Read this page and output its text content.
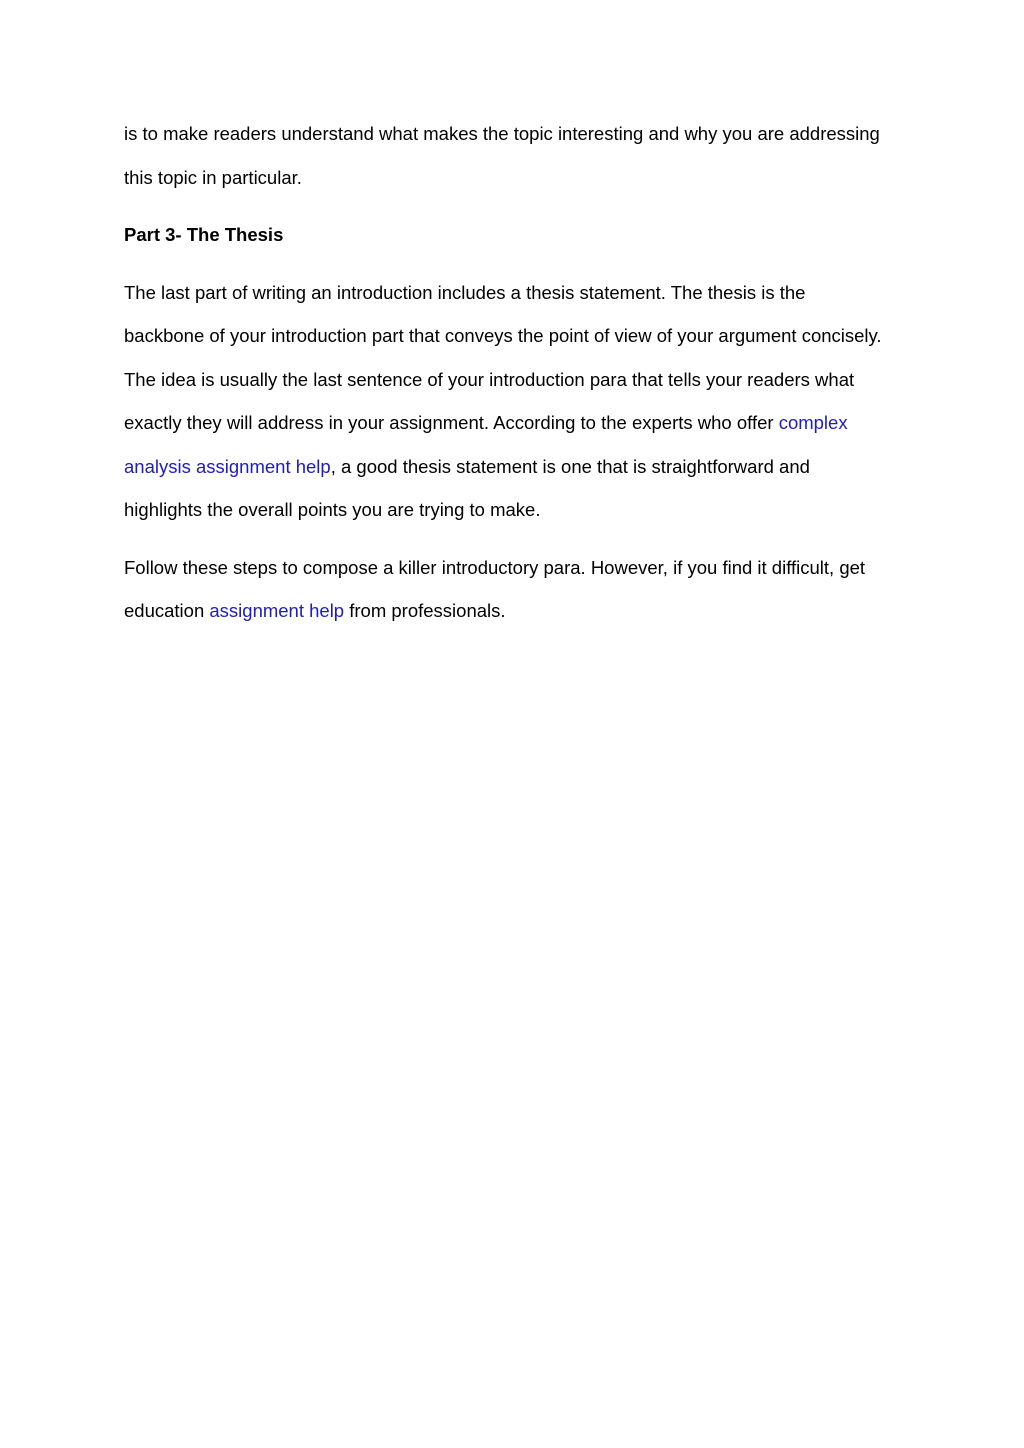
is to make readers understand what makes the topic interesting and why you are addressing
this topic in particular.

Part 3- The Thesis

The last part of writing an introduction includes a thesis statement. The thesis is the
backbone of your introduction part that conveys the point of view of your argument concisely.
The idea is usually the last sentence of your introduction para that tells your readers what
exactly they will address in your assignment. According to the experts who offer complex
analysis assignment help, a good thesis statement is one that is straightforward and
highlights the overall points you are trying to make.

Follow these steps to compose a killer introductory para. However, if you find it difficult, get
education assignment help from professionals.
